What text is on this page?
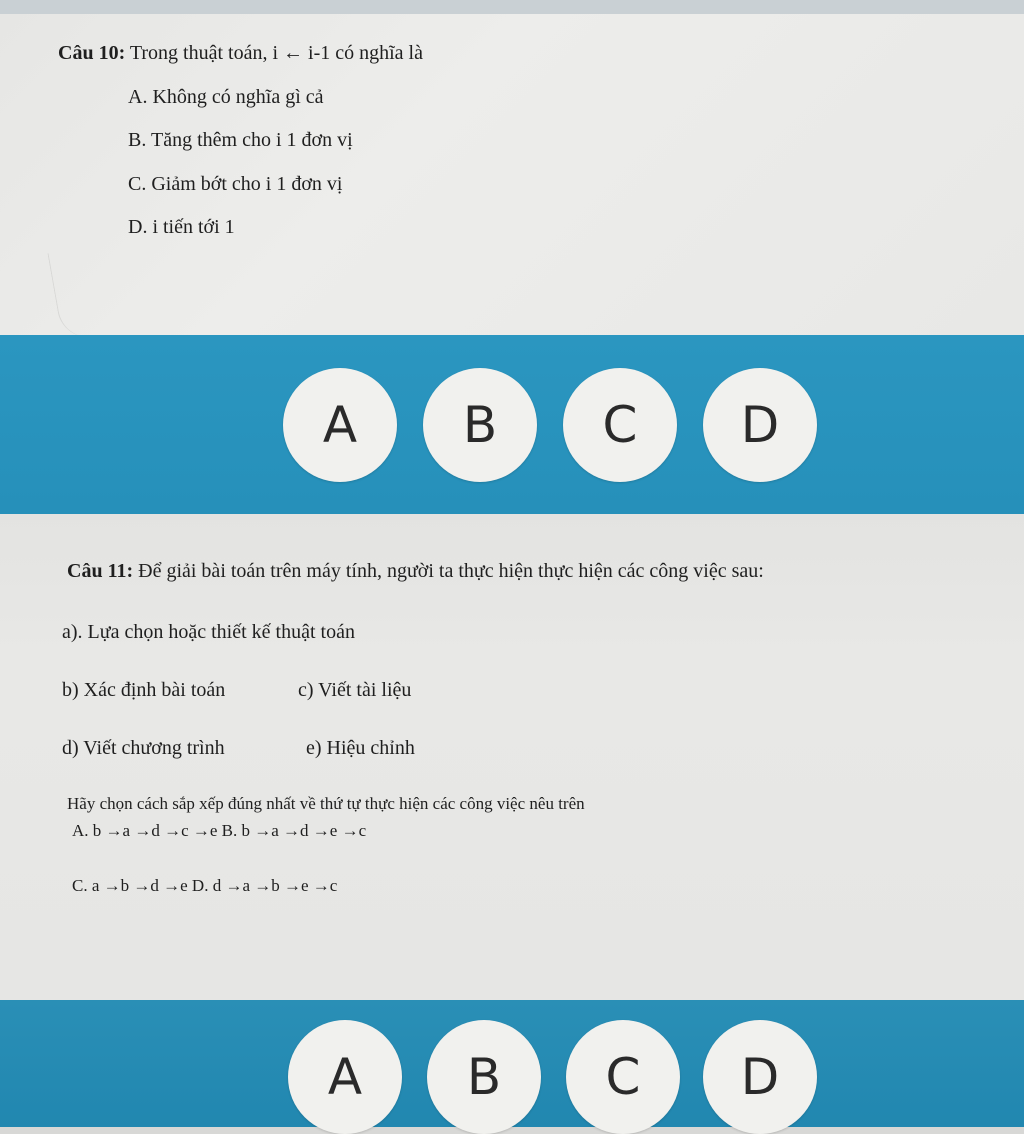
Câu 10: Trong thuật toán, i ← i-1 có nghĩa là
A. Không có nghĩa gì cả
B. Tăng thêm cho i 1 đơn vị
C. Giảm bớt cho i 1 đơn vị
D. i tiến tới 1
A	B	C	D
Câu 11: Để giải bài toán trên máy tính, người ta thực hiện thực hiện các công việc sau:
a). Lựa chọn hoặc thiết kế thuật toán
b) Xác định bài toán	c) Viết tài liệu
d) Viết chương trình	e) Hiệu chỉnh
Hãy chọn cách sắp xếp đúng nhất về thứ tự thực hiện các công việc nêu trên
A. b →a →d →c →e B. b →a →d →e →c
C. a →b →d →e D. d →a →b →e →c
A	B	C	D
